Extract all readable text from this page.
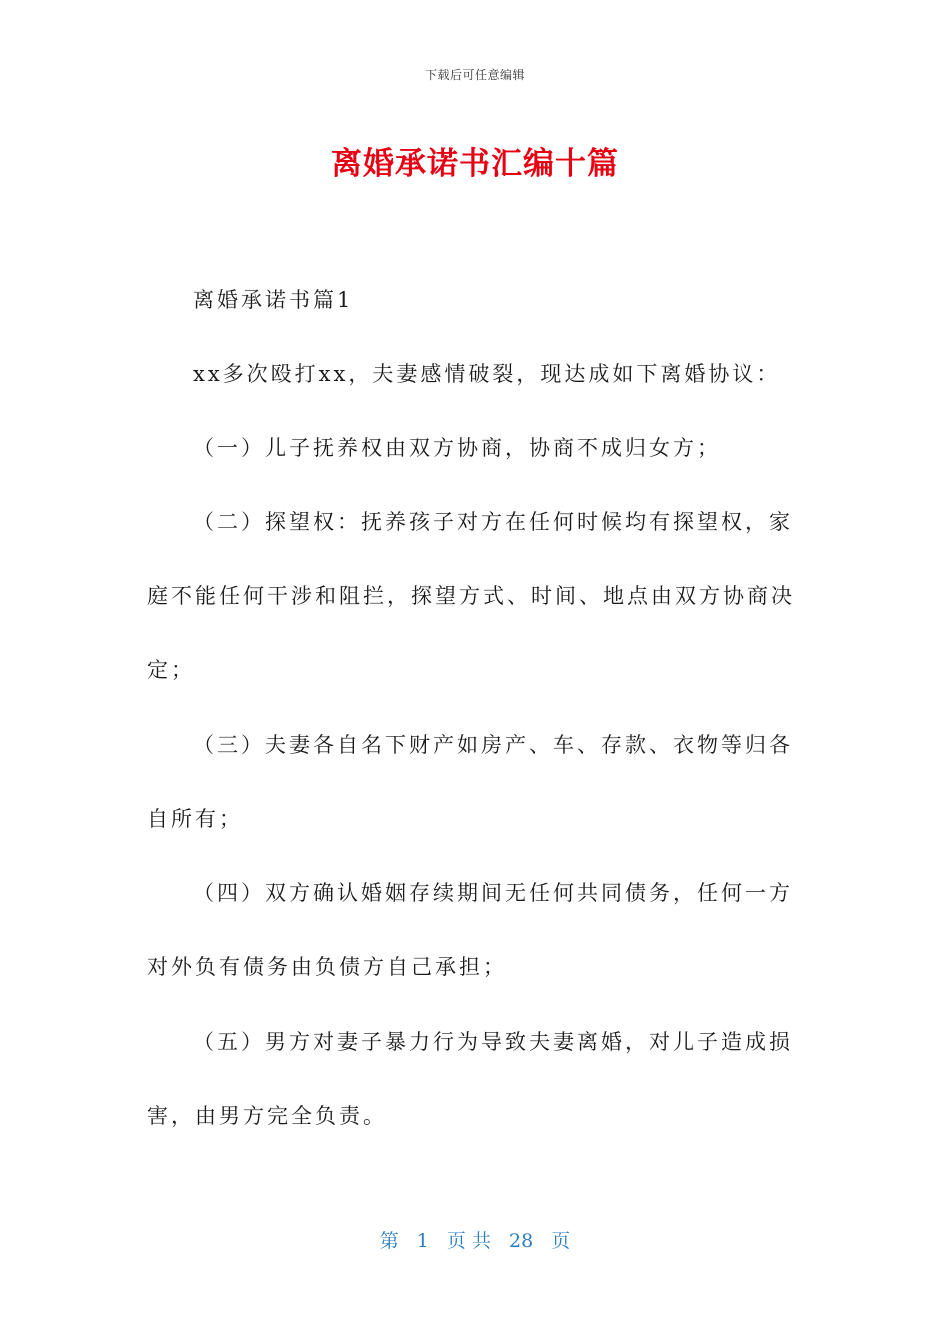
下载后可任意编辑
离婚承诺书汇编十篇
离婚承诺书篇1
xx多次殴打xx，夫妻感情破裂，现达成如下离婚协议：
（一）儿子抚养权由双方协商，协商不成归女方；
（二）探望权：抚养孩子对方在任何时候均有探望权，家
庭不能任何干涉和阻拦，探望方式、时间、地点由双方协商决
定；
（三）夫妻各自名下财产如房产、车、存款、衣物等归各
自所有；
（四）双方确认婚姻存续期间无任何共同债务，任何一方
对外负有债务由负债方自己承担；
（五）男方对妻子暴力行为导致夫妻离婚，对儿子造成损
害，由男方完全负责。
第 1 页 共 28 页
